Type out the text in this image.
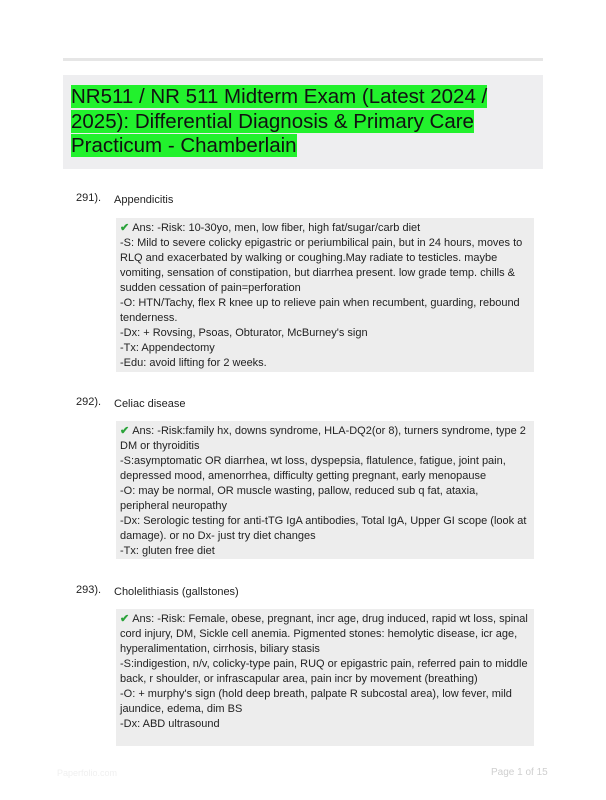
NR511 / NR 511 Midterm Exam (Latest 2024 / 2025): Differential Diagnosis & Primary Care Practicum - Chamberlain
291). Appendicitis

✔ Ans: -Risk: 10-30yo, men, low fiber, high fat/sugar/carb diet

-S: Mild to severe colicky epigastric or periumbilical pain, but in 24 hours, moves to RLQ and exacerbated by walking or coughing.May radiate to testicles. maybe vomiting, sensation of constipation, but diarrhea present. low grade temp. chills & sudden cessation of pain=perforation

-O: HTN/Tachy, flex R knee up to relieve pain when recumbent, guarding, rebound tenderness.

-Dx: + Rovsing, Psoas, Obturator, McBurney's sign

-Tx: Appendectomy

-Edu: avoid lifting for 2 weeks.

292). Celiac disease

✔ Ans: -Risk:family hx, downs syndrome, HLA-DQ2(or 8), turners syndrome, type 2 DM or thyroiditis

-S:asymptomatic OR diarrhea, wt loss, dyspepsia, flatulence, fatigue, joint pain, depressed mood, amenorrhea, difficulty getting pregnant, early menopause

-O: may be normal, OR muscle wasting, pallow, reduced sub q fat, ataxia, peripheral neuropathy

-Dx: Serologic testing for anti-tTG IgA antibodies, Total IgA, Upper GI scope (look at damage). or no Dx- just try diet changes

-Tx: gluten free diet

293). Cholelithiasis (gallstones)

✔ Ans: -Risk: Female, obese, pregnant, incr age, drug induced, rapid wt loss, spinal cord injury, DM, Sickle cell anemia. Pigmented stones: hemolytic disease, icr age, hyperalimentation, cirrhosis, biliary stasis

-S:indigestion, n/v, colicky-type pain, RUQ or epigastric pain, referred pain to middle back, r shoulder, or infrascapular area, pain incr by movement (breathing)

-O: + murphy's sign (hold deep breath, palpate R subcostal area), low fever, mild jaundice, edema, dim BS

-Dx: ABD ultrasound

Paperfolio.com	Page 1 of 15
